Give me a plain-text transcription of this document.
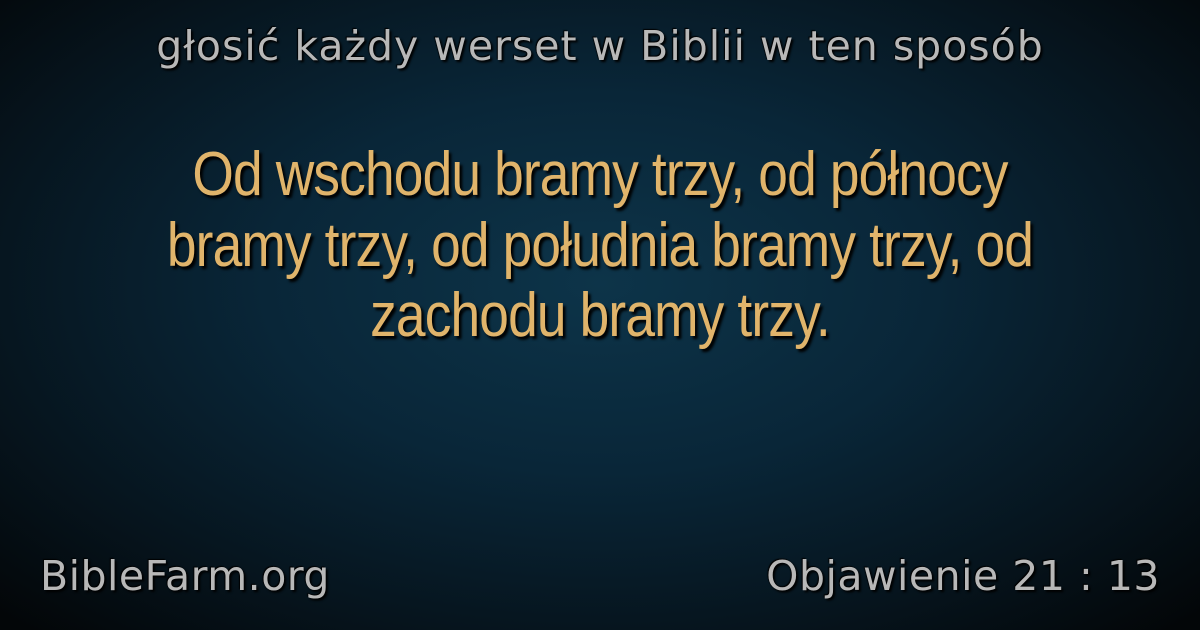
głosić każdy werset w Biblii w ten sposób
Od wschodu bramy trzy, od północy bramy trzy, od południa bramy trzy, od zachodu bramy trzy.
BibleFarm.org	Objawienie 21 : 13
